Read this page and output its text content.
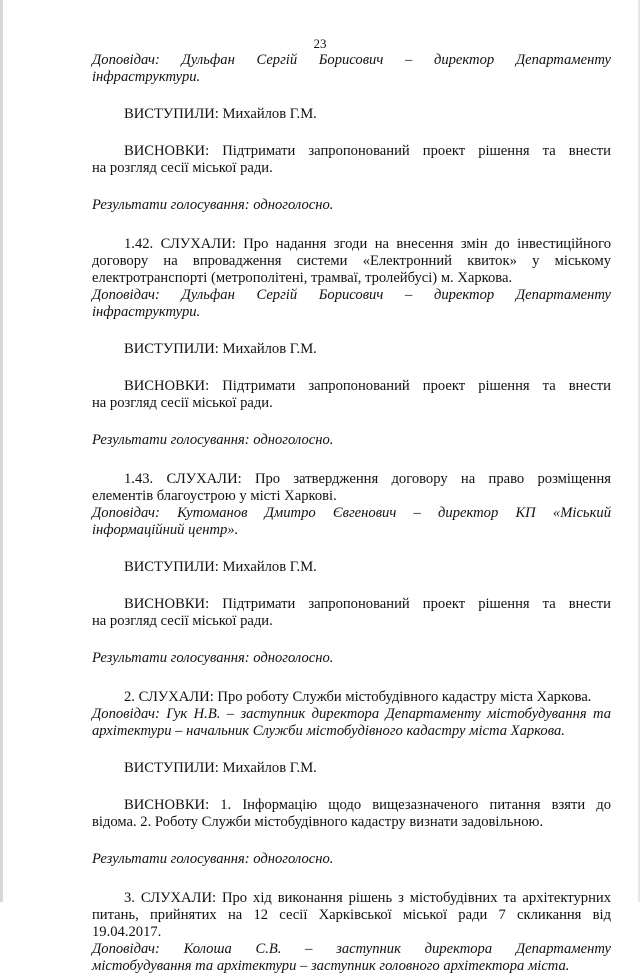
23

Доповідач: Дульфан Сергій Борисович – директор Департаменту
інфраструктури.

ВИСТУПИЛИ: Михайлов Г.М.

ВИСНОВКИ: Підтримати запропонований проект рішення та внести
на розгляд сесії міської ради.

Результати голосування: одноголосно.

1.42. СЛУХАЛИ: Про надання згоди на внесення змін до інвестиційного
договору на впровадження системи «Електронний квиток» у міському
електротранспорті (метрополітені, трамваї, тролейбусі) м. Харкова.

Доповідач: Дульфан Сергій Борисович – директор Департаменту
інфраструктури.

ВИСТУПИЛИ: Михайлов Г.М.

ВИСНОВКИ: Підтримати запропонований проект рішення та внести
на розгляд сесії міської ради.

Результати голосування: одноголосно.

1.43. СЛУХАЛИ: Про затвердження договору на право розміщення
елементів благоустрою у місті Харкові.

Доповідач: Кутоманов Дмитро Євгенович – директор КП «Міський
інформаційний центр».

ВИСТУПИЛИ: Михайлов Г.М.

ВИСНОВКИ: Підтримати запропонований проект рішення та внести
на розгляд сесії міської ради.

Результати голосування: одноголосно.

2. СЛУХАЛИ: Про роботу Служби містобудівного кадастру міста Харкова.

Доповідач: Гук Н.В. – заступник директора Департаменту містобудування та
архітектури – начальник Служби містобудівного кадастру міста Харкова.

ВИСТУПИЛИ: Михайлов Г.М.

ВИСНОВКИ: 1. Інформацію щодо вищезазначеного питання взяти до
відома. 2. Роботу Служби містобудівного кадастру визнати задовільною.

Результати голосування: одноголосно.

3. СЛУХАЛИ: Про хід виконання рішень з містобудівних та архітектурних
питань, прийнятих на 12 сесії Харківської міської ради 7 скликання від
19.04.2017.

Доповідач: Колоша С.В. – заступник директора Департаменту
містобудування та архітектури – заступник головного архітектора міста.
